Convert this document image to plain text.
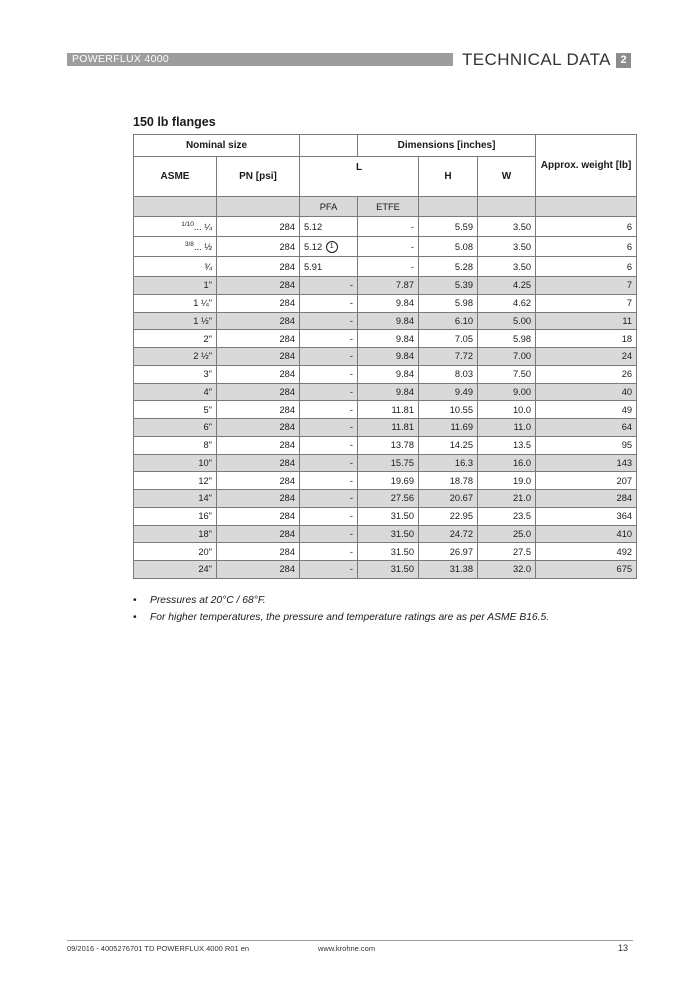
POWERFLUX 4000	TECHNICAL DATA 2
150 lb flanges
Nominal size			Dimensions [inches]			Approx. weight [lb]
ASME	PN [psi]	L		H	W	
		PFA	ETFE			
$^{1/10}$... ¼	284	5.12	-	5.59	3.50	6
$^{3/8}$... ½	284	5.12 1	-	5.08	3.50	6
¾	284	5.91	-	5.28	3.50	6
1"	284	-	7.87	5.39	4.25	7
1 ¼"	284	-	9.84	5.98	4.62	7
1 ½"	284	-	9.84	6.10	5.00	11
2"	284	-	9.84	7.05	5.98	18
2 ½"	284	-	9.84	7.72	7.00	24
3"	284	-	9.84	8.03	7.50	26
4"	284	-	9.84	9.49	9.00	40
5"	284	-	11.81	10.55	10.0	49
6"	284	-	11.81	11.69	11.0	64
8"	284	-	13.78	14.25	13.5	95
10"	284	-	15.75	16.3	16.0	143
12"	284	-	19.69	18.78	19.0	207
14"	284	-	27.56	20.67	21.0	284
16"	284	-	31.50	22.95	23.5	364
18"	284	-	31.50	24.72	25.0	410
20"	284	-	31.50	26.97	27.5	492
24"	284	-	31.50	31.38	32.0	675
• Pressures at 20°C / 68°F.
• For higher temperatures, the pressure and temperature ratings are as per ASME B16.5.
09/2016 - 4005276701 TD POWERFLUX 4000 R01 en	www.krohne.com	13
